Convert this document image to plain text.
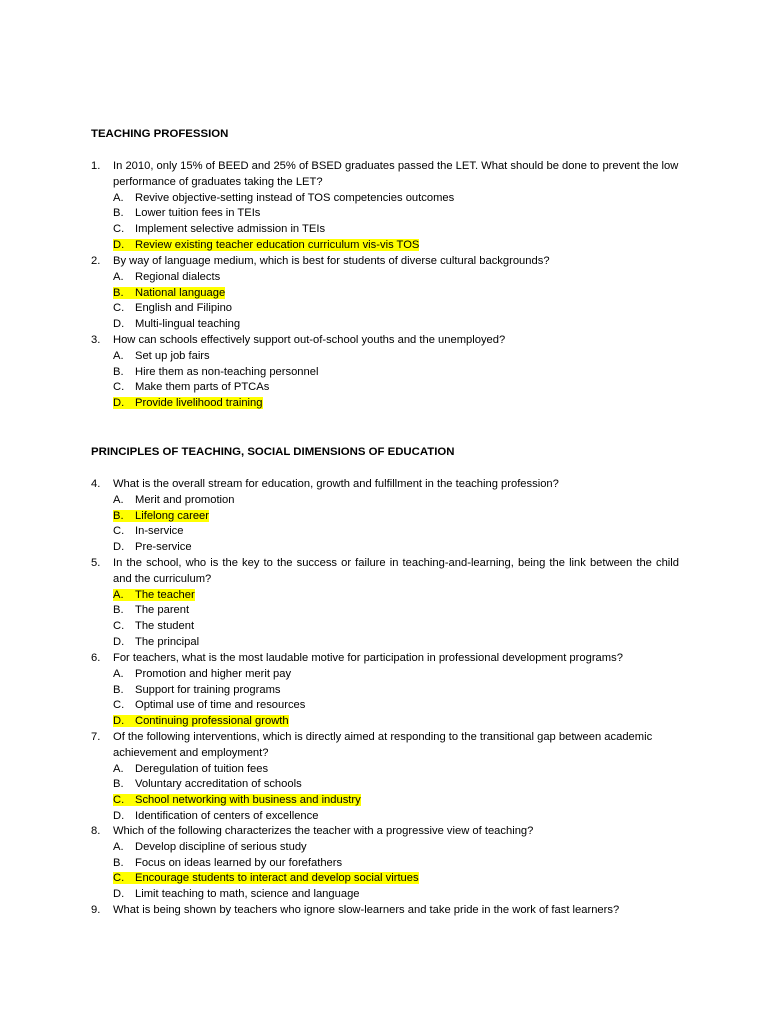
TEACHING PROFESSION
1.	In 2010, only 15% of BEED and 25% of BSED graduates passed the LET. What should be done to prevent the low performance of graduates taking the LET?
A. Revive objective-setting instead of TOS competencies outcomes
B. Lower tuition fees in TEIs
C. Implement selective admission in TEIs
D. Review existing teacher education curriculum vis-vis TOS
2.	By way of language medium, which is best for students of diverse cultural backgrounds?
A. Regional dialects
B. National language
C. English and Filipino
D. Multi-lingual teaching
3.	How can schools effectively support out-of-school youths and the unemployed?
A. Set up job fairs
B. Hire them as non-teaching personnel
C. Make them parts of PTCAs
D. Provide livelihood training
PRINCIPLES OF TEACHING, SOCIAL DIMENSIONS OF EDUCATION
4.	What is the overall stream for education, growth and fulfillment in the teaching profession?
A. Merit and promotion
B. Lifelong career
C. In-service
D. Pre-service
5.	In the school, who is the key to the success or failure in teaching-and-learning, being the link between the child and the curriculum?
A. The teacher
B. The parent
C. The student
D. The principal
6.	For teachers, what is the most laudable motive for participation in professional development programs?
A. Promotion and higher merit pay
B. Support for training programs
C. Optimal use of time and resources
D. Continuing professional growth
7.	Of the following interventions, which is directly aimed at responding to the transitional gap between academic achievement and employment?
A. Deregulation of tuition fees
B. Voluntary accreditation of schools
C. School networking with business and industry
D. Identification of centers of excellence
8.	Which of the following characterizes the teacher with a progressive view of teaching?
A. Develop discipline of serious study
B. Focus on ideas learned by our forefathers
C. Encourage students to interact and develop social virtues
D. Limit teaching to math, science and language
9.	What is being shown by teachers who ignore slow-learners and take pride in the work of fast learners?
